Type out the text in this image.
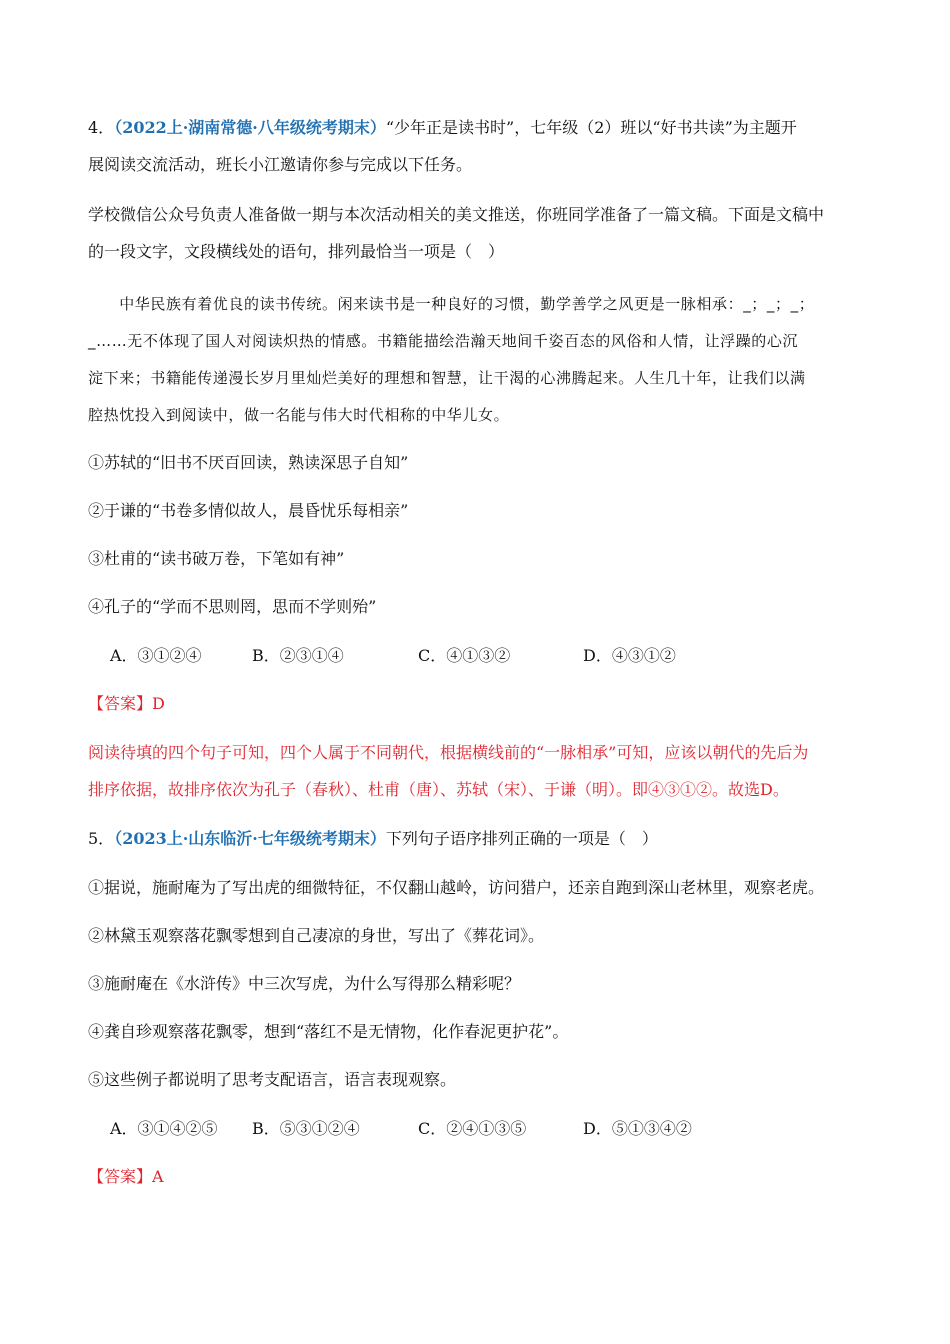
4．（2022上·湖南常德·八年级统考期末）“少年正是读书时”，七年级（2）班以“好书共读”为主题开
展阅读交流活动，班长小江邀请你参与完成以下任务。
学校微信公众号负责人准备做一期与本次活动相关的美文推送，你班同学准备了一篇文稿。下面是文稿中
的一段文字，文段横线处的语句，排列最恰当一项是（　）
　　中华民族有着优良的读书传统。闲来读书是一种良好的习惯，勤学善学之风更是一脉相承：_；_；_；
_……无不体现了国人对阅读炽热的情感。书籍能描绘浩瀚天地间千姿百态的风俗和人情，让浮躁的心沉
淀下来；书籍能传递漫长岁月里灿烂美好的理想和智慧，让干渴的心沸腾起来。人生几十年，让我们以满
腔热忱投入到阅读中，做一名能与伟大时代相称的中华儿女。
①苏轼的“旧书不厌百回读，熟读深思子自知”
②于谦的“书卷多情似故人，晨昏忧乐每相亲”
③杜甫的“读书破万卷，下笔如有神”
④孔子的“学而不思则罔，思而不学则殆”
A．③①②④	B．②③①④	C．④①③②	D．④③①②
【答案】D
阅读待填的四个句子可知，四个人属于不同朝代，根据横线前的“一脉相承”可知，应该以朝代的先后为
排序依据，故排序依次为孔子（春秋）、杜甫（唐）、苏轼（宋）、于谦（明）。即④③①②。故选D。
5．（2023上·山东临沂·七年级统考期末）下列句子语序排列正确的一项是（　）
①据说，施耐庵为了写出虎的细微特征，不仅翻山越岭，访问猎户，还亲自跑到深山老林里，观察老虎。
②林黛玉观察落花飘零想到自己凄凉的身世，写出了《葬花词》。
③施耐庵在《水浒传》中三次写虎，为什么写得那么精彩呢？
④龚自珍观察落花飘零，想到“落红不是无情物，化作春泥更护花”。
⑤这些例子都说明了思考支配语言，语言表现观察。
A．③①④②⑤ B．⑤③①②④	C．②④①③⑤	D．⑤①③④②
【答案】A
